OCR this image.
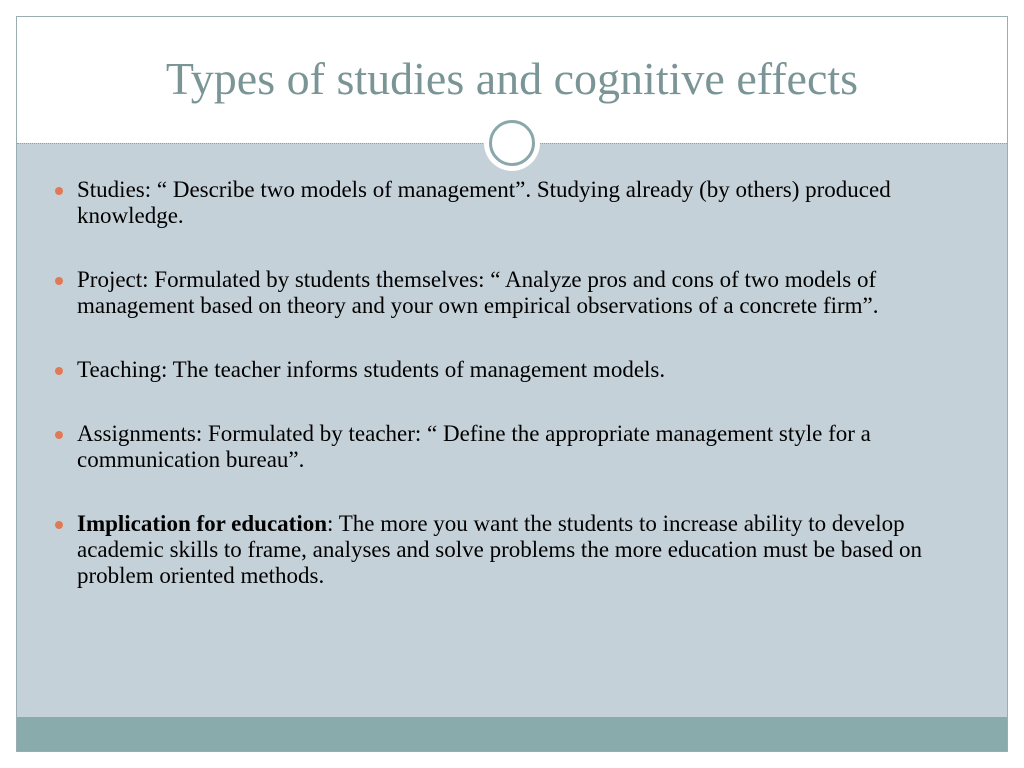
Types of studies and cognitive effects
Studies: “ Describe two models of management”. Studying already (by others) produced knowledge.
Project: Formulated by students themselves: “ Analyze pros and cons of two models of management based on theory and your own empirical observations of a concrete firm”.
Teaching: The teacher informs students of management models.
Assignments: Formulated by teacher: “ Define the appropriate management style for a communication bureau”.
Implication for education: The more you want the students to increase ability to develop academic skills to frame, analyses and solve problems the more education must be based on problem oriented methods.
